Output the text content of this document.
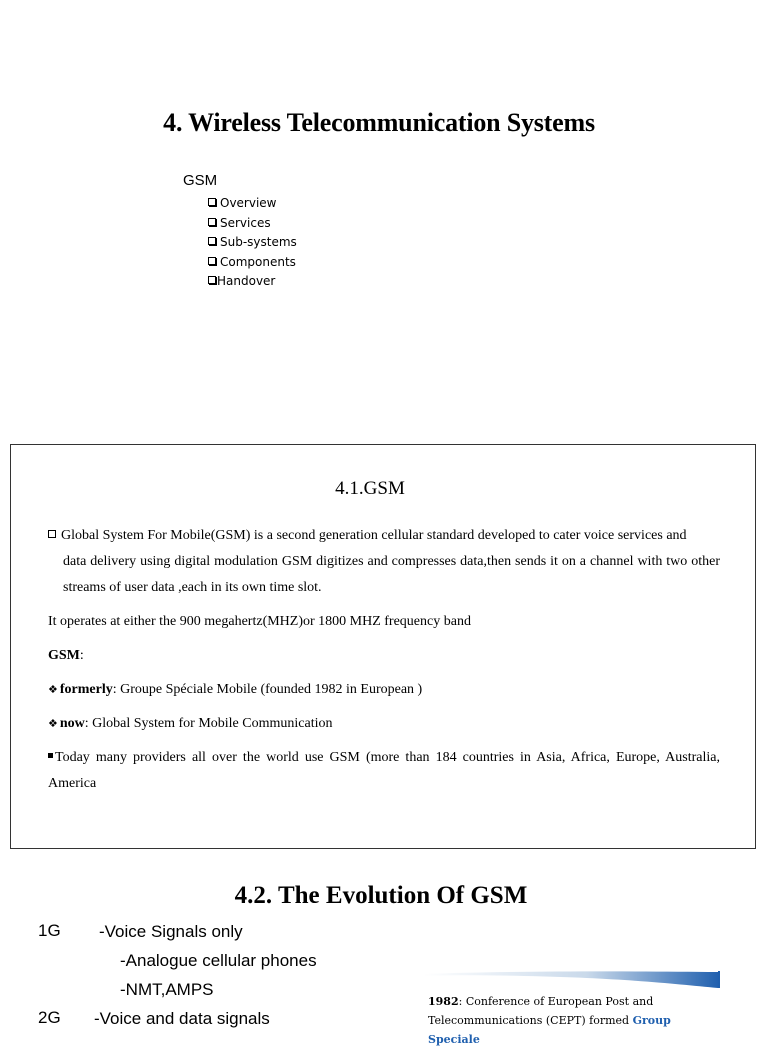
4. Wireless Telecommunication Systems
GSM
Overview
Services
Sub-systems
Components
Handover
4.1.GSM
Global System For Mobile(GSM) is a second generation cellular standard developed to cater voice services and
data delivery using digital modulation GSM digitizes and compresses data,then sends it on a channel with two other streams of user data ,each in its own time slot.
It operates at either the 900 megahertz(MHZ)or 1800 MHZ frequency band
GSM:
❖ formerly: Groupe Spéciale Mobile (founded 1982 in European )
❖ now: Global System for Mobile Communication
Today many providers all over the world use GSM (more than 184 countries in Asia, Africa, Europe, Australia, America
4.2. The Evolution Of GSM
1G -Voice Signals only
-Analogue cellular phones
-NMT,AMPS
2G -Voice and data signals
1982: Conference of European Post and
Telecommunications (CEPT) formed Group Speciale
